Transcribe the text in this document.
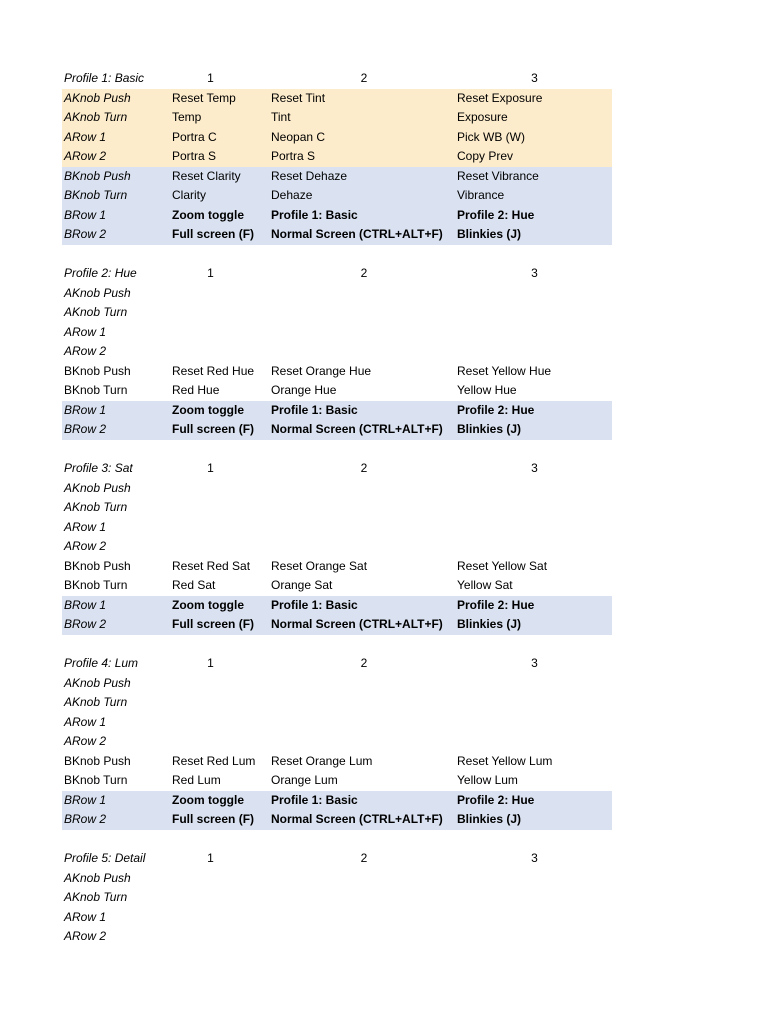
Profile 1: Basic	1	2	3
AKnob Push	Reset Temp	Reset Tint	Reset Exposure
AKnob Turn	Temp	Tint	Exposure
ARow 1	Portra C	Neopan C	Pick WB (W)
ARow 2	Portra S	Portra S	Copy Prev
BKnob Push	Reset Clarity	Reset Dehaze	Reset Vibrance
BKnob Turn	Clarity	Dehaze	Vibrance
BRow 1	Zoom toggle	Profile 1: Basic	Profile 2: Hue
BRow 2	Full screen (F)	Normal Screen (CTRL+ALT+F)	Blinkies (J)
Profile 2: Hue	1	2	3
AKnob Push
AKnob Turn
ARow 1
ARow 2
BKnob Push	Reset Red Hue	Reset Orange Hue	Reset Yellow Hue
BKnob Turn	Red Hue	Orange Hue	Yellow Hue
BRow 1	Zoom toggle	Profile 1: Basic	Profile 2: Hue
BRow 2	Full screen (F)	Normal Screen (CTRL+ALT+F)	Blinkies (J)
Profile 3: Sat	1	2	3
AKnob Push
AKnob Turn
ARow 1
ARow 2
BKnob Push	Reset Red Sat	Reset Orange Sat	Reset Yellow Sat
BKnob Turn	Red Sat	Orange Sat	Yellow Sat
BRow 1	Zoom toggle	Profile 1: Basic	Profile 2: Hue
BRow 2	Full screen (F)	Normal Screen (CTRL+ALT+F)	Blinkies (J)
Profile 4: Lum	1	2	3
AKnob Push
AKnob Turn
ARow 1
ARow 2
BKnob Push	Reset Red Lum	Reset Orange Lum	Reset Yellow Lum
BKnob Turn	Red Lum	Orange Lum	Yellow Lum
BRow 1	Zoom toggle	Profile 1: Basic	Profile 2: Hue
BRow 2	Full screen (F)	Normal Screen (CTRL+ALT+F)	Blinkies (J)
Profile 5: Detail	1	2	3
AKnob Push
AKnob Turn
ARow 1
ARow 2
